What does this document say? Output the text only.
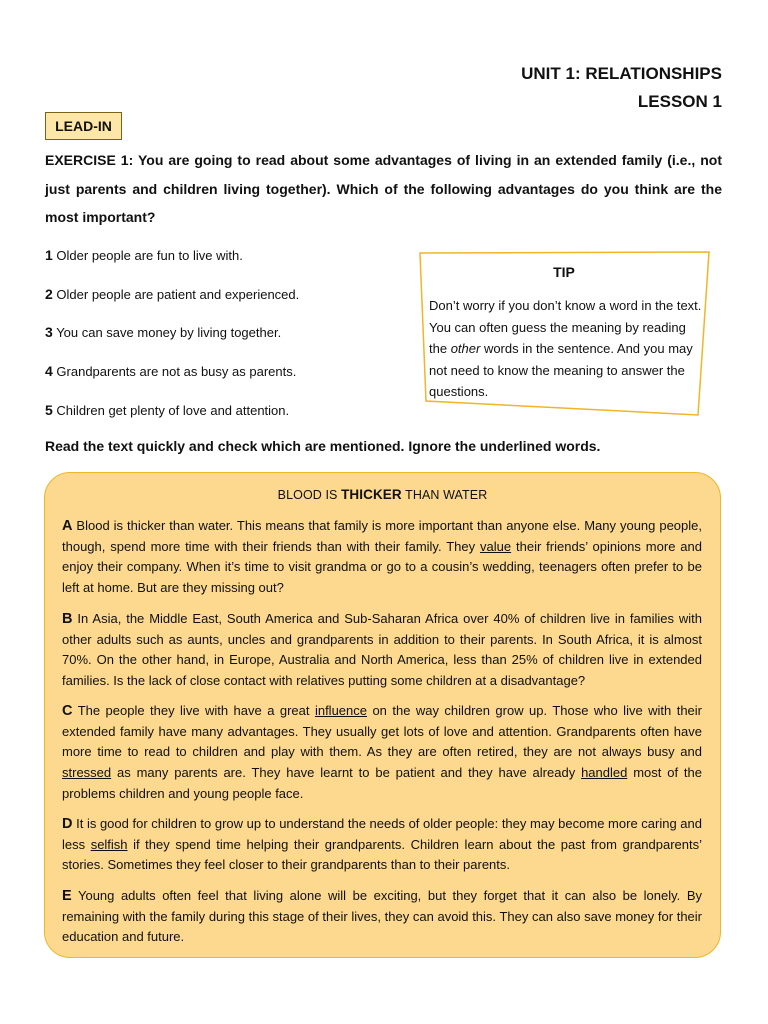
UNIT 1: RELATIONSHIPS
LESSON 1
LEAD-IN
EXERCISE 1: You are going to read about some advantages of living in an extended family (i.e., not just parents and children living together). Which of the following advantages do you think are the most important?
1 Older people are fun to live with.
2 Older people are patient and experienced.
3 You can save money by living together.
4 Grandparents are not as busy as parents.
5 Children get plenty of love and attention.
TIP
Don’t worry if you don’t know a word in the text. You can often guess the meaning by reading the other words in the sentence. And you may not need to know the meaning to answer the questions.
Read the text quickly and check which are mentioned. Ignore the underlined words.
BLOOD IS THICKER THAN WATER
A Blood is thicker than water. This means that family is more important than anyone else. Many young people, though, spend more time with their friends than with their family. They value their friends’ opinions more and enjoy their company. When it’s time to visit grandma or go to a cousin’s wedding, teenagers often prefer to be left at home. But are they missing out?
B In Asia, the Middle East, South America and Sub-Saharan Africa over 40% of children live in families with other adults such as aunts, uncles and grandparents in addition to their parents. In South Africa, it is almost 70%. On the other hand, in Europe, Australia and North America, less than 25% of children live in extended families. Is the lack of close contact with relatives putting some children at a disadvantage?
C The people they live with have a great influence on the way children grow up. Those who live with their extended family have many advantages. They usually get lots of love and attention. Grandparents often have more time to read to children and play with them. As they are often retired, they are not always busy and stressed as many parents are. They have learnt to be patient and they have already handled most of the problems children and young people face.
D It is good for children to grow up to understand the needs of older people: they may become more caring and less selfish if they spend time helping their grandparents. Children learn about the past from grandparents’ stories. Sometimes they feel closer to their grandparents than to their parents.
E Young adults often feel that living alone will be exciting, but they forget that it can also be lonely. By remaining with the family during this stage of their lives, they can avoid this. They can also save money for their education and future.
